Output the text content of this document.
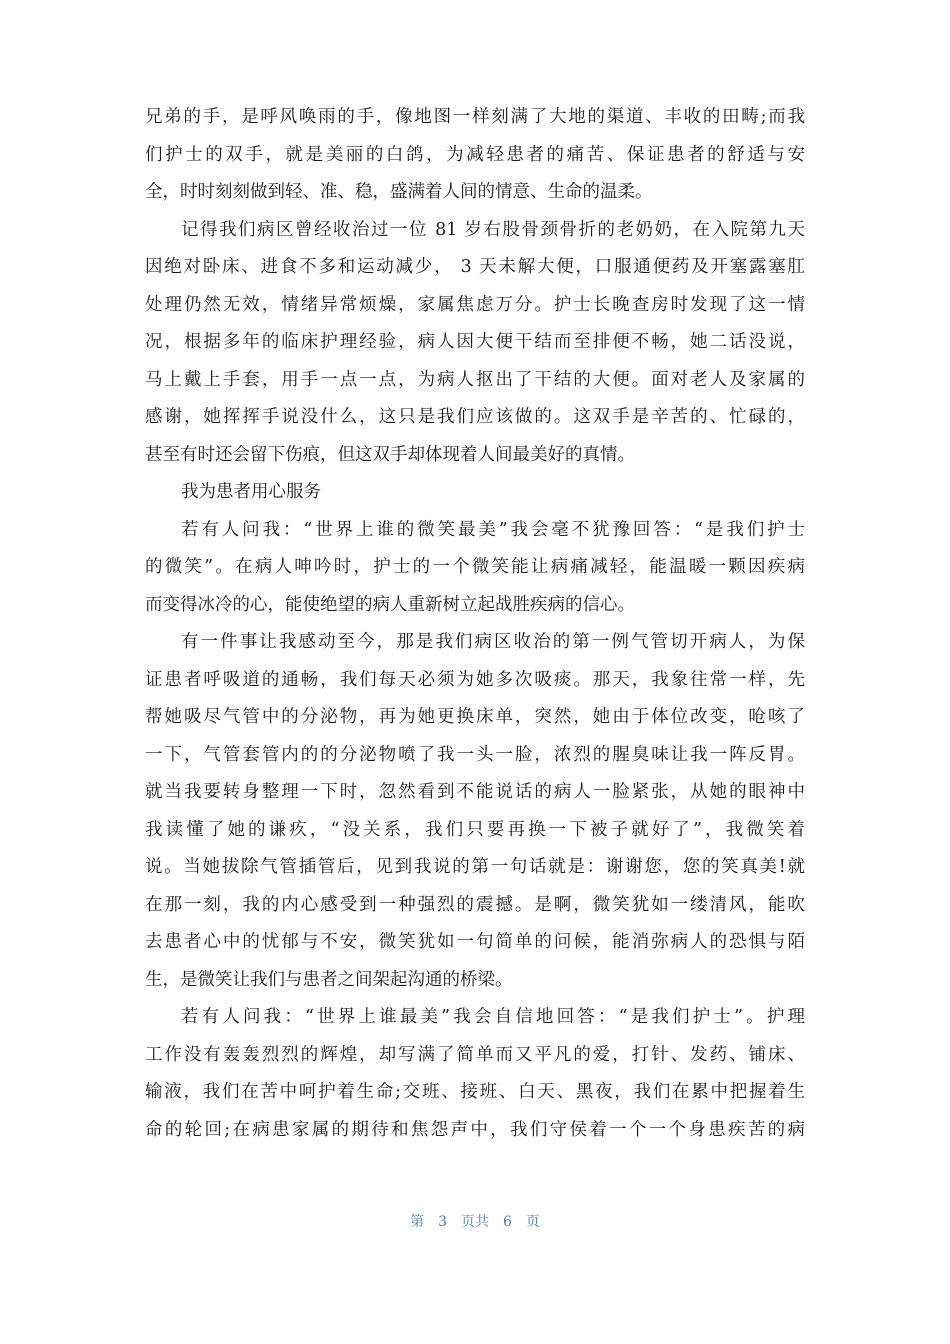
兄弟的手，是呼风唤雨的手，像地图一样刻满了大地的渠道、丰收的田畴;而我
们护士的双手，就是美丽的白鸽，为减轻患者的痛苦、保证患者的舒适与安
全，时时刻刻做到轻、准、稳，盛满着人间的情意、生命的温柔。
记得我们病区曾经收治过一位 81 岁右股骨颈骨折的老奶奶，在入院第九天
因绝对卧床、进食不多和运动减少， 3 天未解大便，口服通便药及开塞露塞肛
处理仍然无效，情绪异常烦燥，家属焦虑万分。护士长晚查房时发现了这一情
况，根据多年的临床护理经验，病人因大便干结而至排便不畅，她二话没说，
马上戴上手套，用手一点一点，为病人抠出了干结的大便。面对老人及家属的
感谢，她挥挥手说没什么，这只是我们应该做的。这双手是辛苦的、忙碌的，
甚至有时还会留下伤痕，但这双手却体现着人间最美好的真情。
我为患者用心服务
若有人问我：“世界上谁的微笑最美”我会毫不犹豫回答：“是我们护士
的微笑”。在病人呻吟时，护士的一个微笑能让病痛减轻，能温暖一颗因疾病
而变得冰冷的心，能使绝望的病人重新树立起战胜疾病的信心。
有一件事让我感动至今，那是我们病区收治的第一例气管切开病人，为保
证患者呼吸道的通畅，我们每天必须为她多次吸痰。那天，我象往常一样，先
帮她吸尽气管中的分泌物，再为她更换床单，突然，她由于体位改变，呛咳了
一下，气管套管内的的分泌物喷了我一头一脸，浓烈的腥臭味让我一阵反胃。
就当我要转身整理一下时，忽然看到不能说话的病人一脸紧张，从她的眼神中
我读懂了她的谦疚，“没关系，我们只要再换一下被子就好了”，我微笑着
说。当她拔除气管插管后，见到我说的第一句话就是：谢谢您，您的笑真美!就
在那一刻，我的内心感受到一种强烈的震撼。是啊，微笑犹如一缕清风，能吹
去患者心中的忧郁与不安，微笑犹如一句简单的问候，能消弥病人的恐惧与陌
生，是微笑让我们与患者之间架起沟通的桥梁。
若有人问我：“世界上谁最美”我会自信地回答：“是我们护士”。护理
工作没有轰轰烈烈的辉煌，却写满了简单而又平凡的爱，打针、发药、铺床、
输液，我们在苦中呵护着生命;交班、接班、白天、黑夜，我们在累中把握着生
命的轮回;在病患家属的期待和焦怨声中，我们守侯着一个一个身患疾苦的病
第 3 页共 6 页
